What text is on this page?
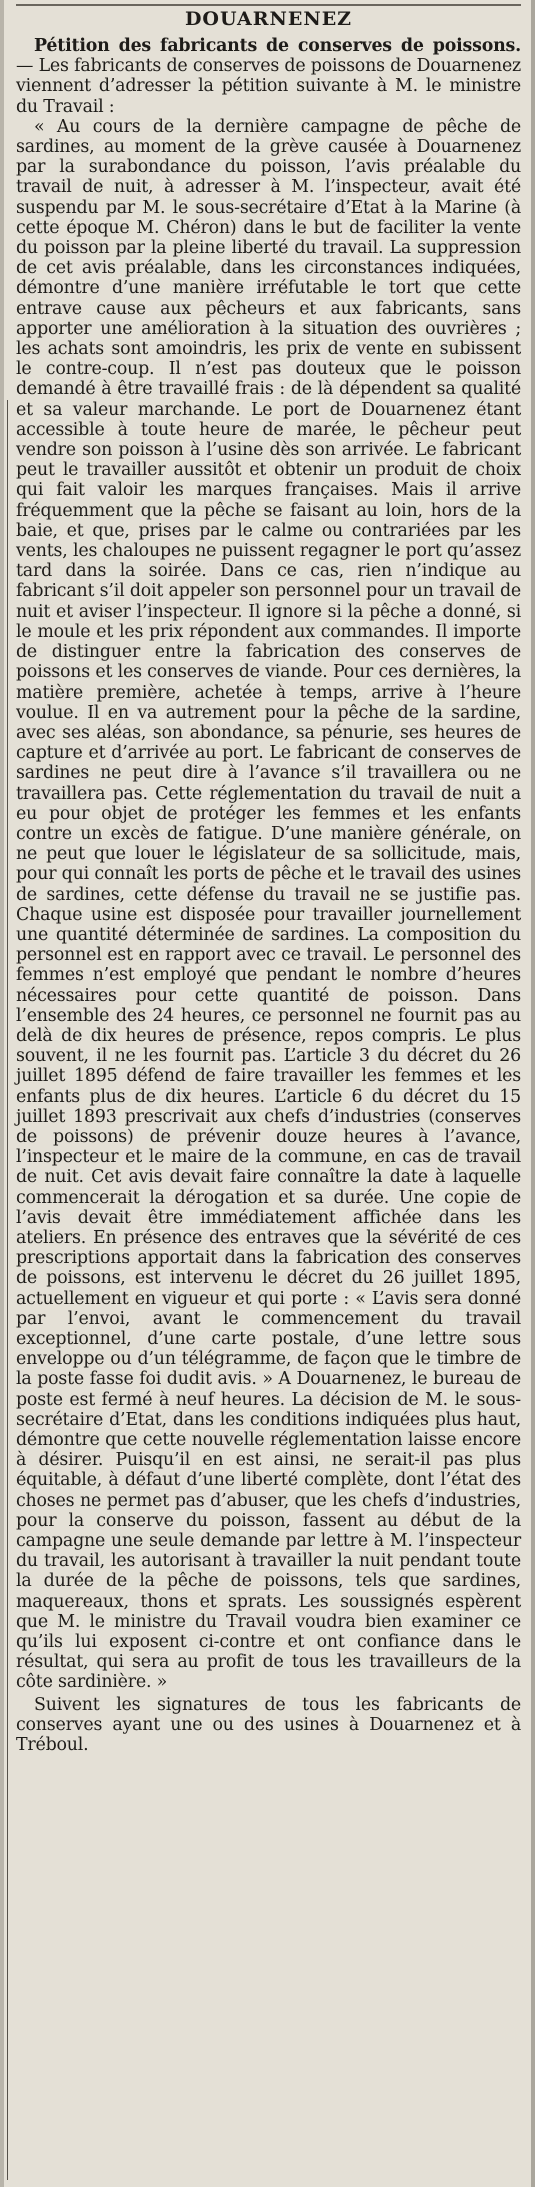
DOUARNENEZ

Pétition des fabricants de conserves de poissons. — Les fabricants de conserves de poissons de Douarnenez viennent d’adresser la pétition suivante à M. le ministre du Travail :

« Au cours de la dernière campagne de pêche de sardines, au moment de la grève causée à Douarnenez par la surabondance du poisson, l’avis préalable du travail de nuit, à adresser à M. l’inspecteur, avait été suspendu par M. le sous-secrétaire d’Etat à la Marine (à cette époque M. Chéron) dans le but de faciliter la vente du poisson par la pleine liberté du travail. La suppression de cet avis préalable, dans les circonstances indiquées, démontre d’une manière irréfutable le tort que cette entrave cause aux pêcheurs et aux fabricants, sans apporter une amélioration à la situation des ouvrières ; les achats sont amoindris, les prix de vente en subissent le contre-coup. Il n’est pas douteux que le poisson demandé à être travaillé frais : de là dépendent sa qualité et sa valeur marchande. Le port de Douarnenez étant accessible à toute heure de marée, le pêcheur peut vendre son poisson à l’usine dès son arrivée. Le fabricant peut le travailler aussitôt et obtenir un produit de choix qui fait valoir les marques françaises. Mais il arrive fréquemment que la pêche se faisant au loin, hors de la baie, et que, prises par le calme ou contrariées par les vents, les chaloupes ne puissent regagner le port qu’assez tard dans la soirée. Dans ce cas, rien n’indique au fabricant s’il doit appeler son personnel pour un travail de nuit et aviser l’inspecteur. Il ignore si la pêche a donné, si le moule et les prix répondent aux commandes. Il importe de distinguer entre la fabrication des conserves de poissons et les conserves de viande. Pour ces dernières, la matière première, achetée à temps, arrive à l’heure voulue. Il en va autrement pour la pêche de la sardine, avec ses aléas, son abondance, sa pénurie, ses heures de capture et d’arrivée au port. Le fabricant de conserves de sardines ne peut dire à l’avance s’il travaillera ou ne travaillera pas. Cette réglementation du travail de nuit a eu pour objet de protéger les femmes et les enfants contre un excès de fatigue. D’une manière générale, on ne peut que louer le législateur de sa sollicitude, mais, pour qui connaît les ports de pêche et le travail des usines de sardines, cette défense du travail ne se justifie pas. Chaque usine est disposée pour travailler journellement une quantité déterminée de sardines. La composition du personnel est en rapport avec ce travail. Le personnel des femmes n’est employé que pendant le nombre d’heures nécessaires pour cette quantité de poisson. Dans l’ensemble des 24 heures, ce personnel ne fournit pas au delà de dix heures de présence, repos compris. Le plus souvent, il ne les fournit pas. L’article 3 du décret du 26 juillet 1895 défend de faire travailler les femmes et les enfants plus de dix heures. L’article 6 du décret du 15 juillet 1893 prescrivait aux chefs d’industries (conserves de poissons) de prévenir douze heures à l’avance, l’inspecteur et le maire de la commune, en cas de travail de nuit. Cet avis devait faire connaître la date à laquelle commencerait la dérogation et sa durée. Une copie de l’avis devait être immédiatement affichée dans les ateliers. En présence des entraves que la sévérité de ces prescriptions apportait dans la fabrication des conserves de poissons, est intervenu le décret du 26 juillet 1895, actuellement en vigueur et qui porte : « L’avis sera donné par l’envoi, avant le commencement du travail exceptionnel, d’une carte postale, d’une lettre sous enveloppe ou d’un télégramme, de façon que le timbre de la poste fasse foi dudit avis. » A Douarnenez, le bureau de poste est fermé à neuf heures. La décision de M. le sous-secrétaire d’Etat, dans les conditions indiquées plus haut, démontre que cette nouvelle réglementation laisse encore à désirer. Puisqu’il en est ainsi, ne serait-il pas plus équitable, à défaut d’une liberté complète, dont l’état des choses ne permet pas d’abuser, que les chefs d’industries, pour la conserve du poisson, fassent au début de la campagne une seule demande par lettre à M. l’inspecteur du travail, les autorisant à travailler la nuit pendant toute la durée de la pêche de poissons, tels que sardines, maquereaux, thons et sprats. Les soussignés espèrent que M. le ministre du Travail voudra bien examiner ce qu’ils lui exposent ci-contre et ont confiance dans le résultat, qui sera au profit de tous les travailleurs de la côte sardinière. »

Suivent les signatures de tous les fabricants de conserves ayant une ou des usines à Douarnenez et à Tréboul.
